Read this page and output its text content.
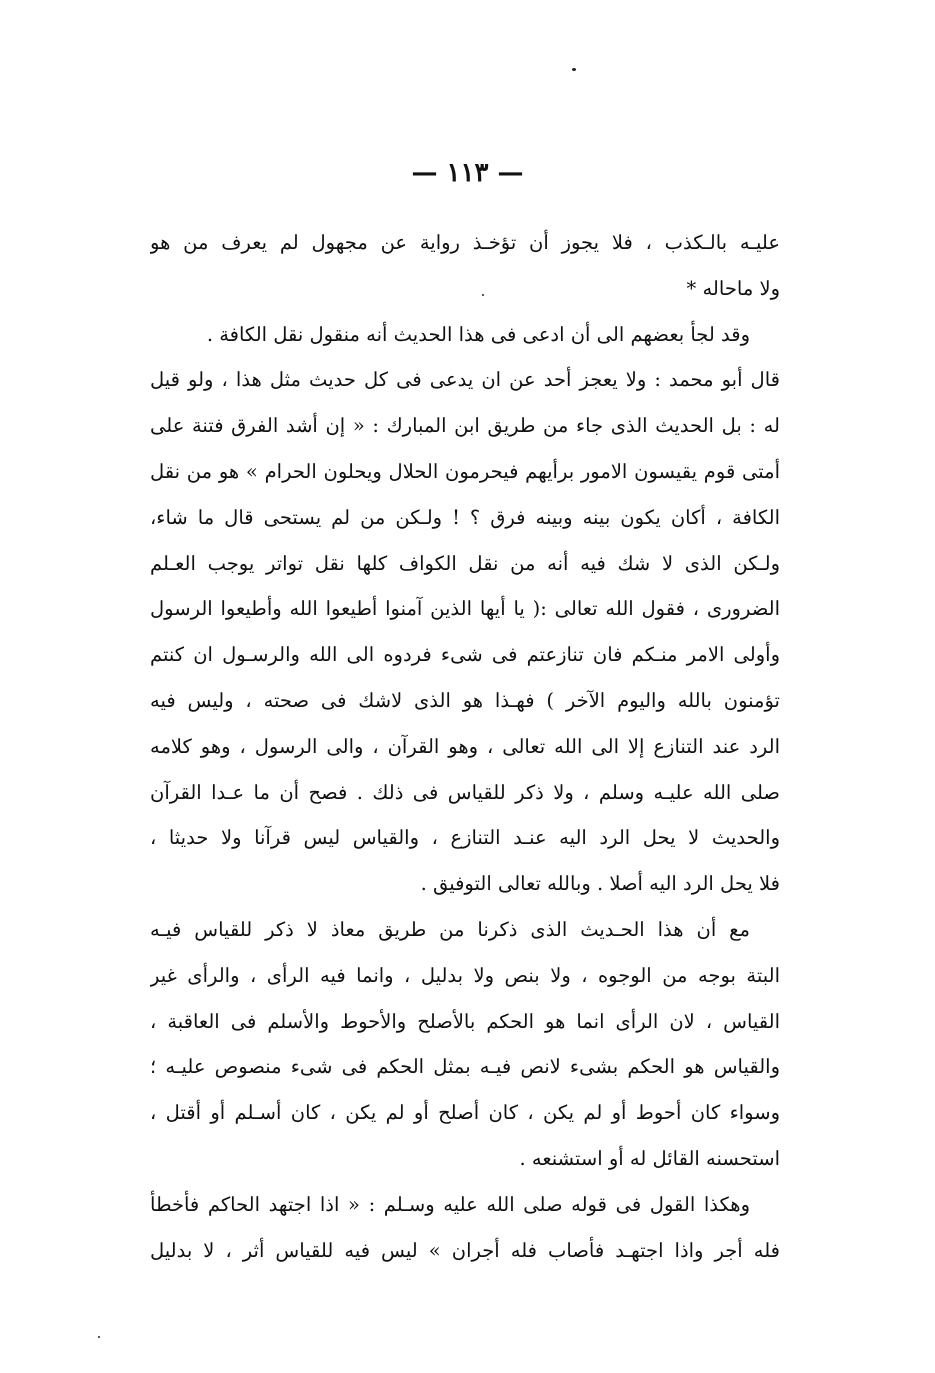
— ١١٣ —
عليـه بالـكذب ، فلا يجوز أن تؤخـذ رواية عن مجهول لم يعرف من هو
ولا ماحاله *
وقد لجأ بعضهم الى أن ادعى فى هذا الحديث أنه منقول نقل الكافة .
قال أبو محمد : ولا يعجز أحد عن ان يدعى فى كل حديث مثل هذا ، ولو قيل
له : بل الحديث الذى جاء من طريق ابن المبارك : « إن أشد الفرق فتنة على
أمتى قوم يقيسون الامور برأيهم فيحرمون الحلال ويحلون الحرام » هو من نقل
الكافة ، أكان يكون بينه وبينه فرق ؟ ! ولـكن من لم يستحى قال ما شاء،
ولـكن الذى لا شك فيه أنه من نقل الكواف كلها نقل تواتر يوجب العـلم
الضرورى ، فقول الله تعالى :( يا أيها الذين آمنوا أطيعوا الله وأطيعوا الرسول
وأولى الامر منـكم فان تنازعتم فى شىء فردوه الى الله والرسـول ان كنتم
تؤمنون بالله واليوم الآخر ) فهـذا هو الذى لاشك فى صحته ، وليس فيه
الرد عند التنازع إلا الى الله تعالى ، وهو القرآن ، والى الرسول ، وهو كلامه
صلى الله عليـه وسلم ، ولا ذكر للقياس فى ذلك . فصح أن ما عـدا القرآن
والحديث لا يحل الرد اليه عنـد التنازع ، والقياس ليس قرآنا ولا حديثا ،
فلا يحل الرد اليه أصلا . وبالله تعالى التوفيق .
مع أن هذا الحـديث الذى ذكرنا من طريق معاذ لا ذكر للقياس فيـه
البتة بوجه من الوجوه ، ولا بنص ولا بدليل ، وانما فيه الرأى ، والرأى غير
القياس ، لان الرأى انما هو الحكم بالأصلح والأحوط والأسلم فى العاقبة ،
والقياس هو الحكم بشىء لانص فيـه بمثل الحكم فى شىء منصوص عليـه ؛
وسواء كان أحوط أو لم يكن ، كان أصلح أو لم يكن ، كان أسـلم أو أقتل ،
استحسنه القائل له أو استشنعه .
وهكذا القول فى قوله صلى الله عليه وسـلم : « اذا اجتهد الحاكم فأخطأ
فله أجر واذا اجتهـد فأصاب فله أجران » ليس فيه للقياس أثر ، لا بدليل
